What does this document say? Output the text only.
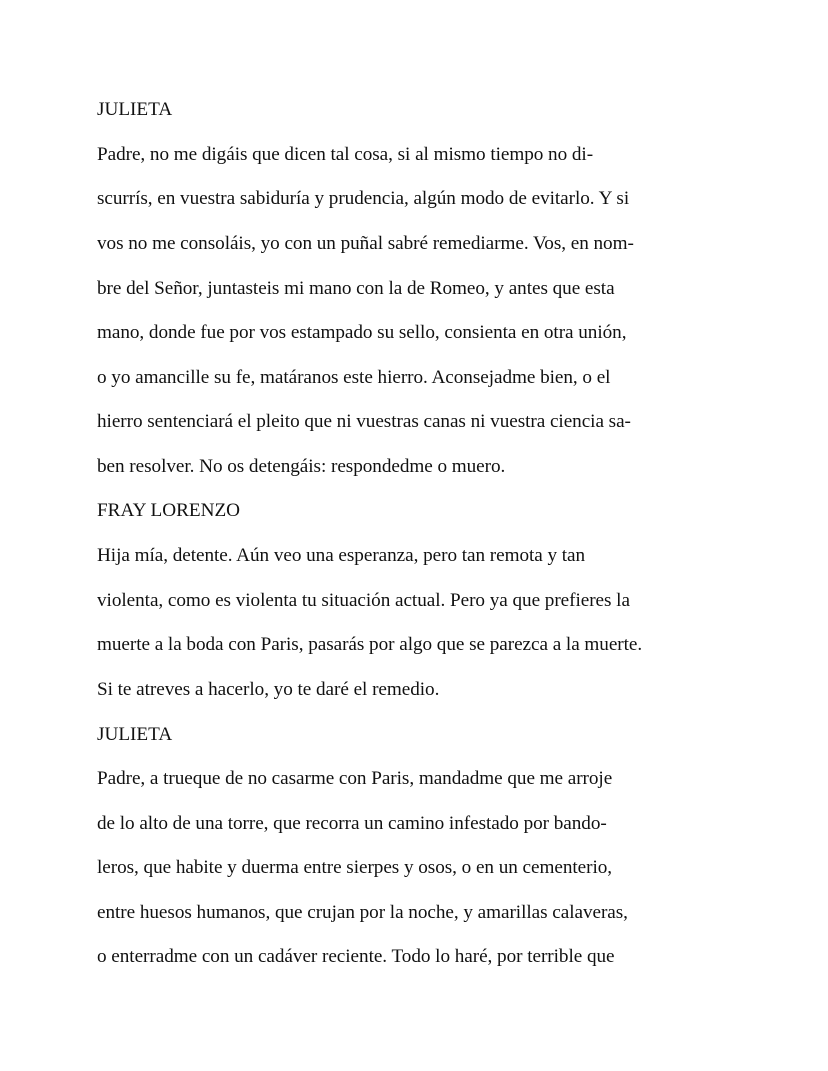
JULIETA
Padre, no me digáis que dicen tal cosa, si al mismo tiempo no di-
scurrís, en vuestra sabiduría y prudencia, algún modo de evitarlo. Y si
vos no me consoláis, yo con un puñal sabré remediarme. Vos, en nom-
bre del Señor, juntasteis mi mano con la de Romeo, y antes que esta
mano, donde fue por vos estampado su sello, consienta en otra unión,
o yo amancille su fe, matáranos este hierro. Aconsejadme bien, o el
hierro sentenciará el pleito que ni vuestras canas ni vuestra ciencia sa-
ben resolver. No os detengáis: respondedme o muero.
FRAY LORENZO
Hija mía, detente. Aún veo una esperanza, pero tan remota y tan
violenta, como es violenta tu situación actual. Pero ya que prefieres la
muerte a la boda con Paris, pasarás por algo que se parezca a la muerte.
Si te atreves a hacerlo, yo te daré el remedio.
JULIETA
Padre, a trueque de no casarme con Paris, mandadme que me arroje
de lo alto de una torre, que recorra un camino infestado por bando-
leros, que habite y duerma entre sierpes y osos, o en un cementerio,
entre huesos humanos, que crujan por la noche, y amarillas calaveras,
o enterradme con un cadáver reciente. Todo lo haré, por terrible que
